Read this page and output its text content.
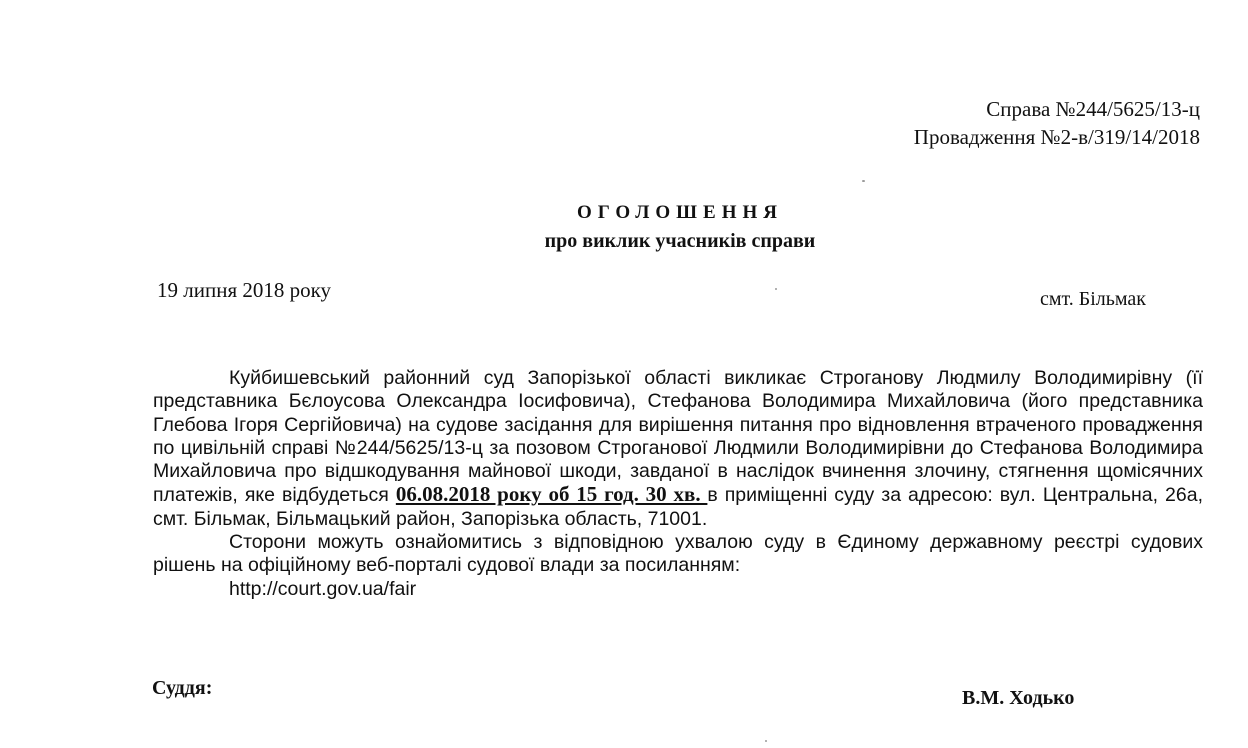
Справа №244/5625/13-ц
Провадження №2-в/319/14/2018
ОГОЛОШЕННЯ
про виклик учасників справи
19 липня 2018 року	смт. Більмак

Куйбишевський районний суд Запорізької області викликає Строганову Людмилу Володимирівну (її представника Бєлоусова Олександра Іосифовича), Стефанова Володимира Михайловича (його представника Глебова Ігоря Сергійовича) на судове засідання для вирішення питання про відновлення втраченого провадження по цивільній справі №244/5625/13-ц за позовом Строганової Людмили Володимирівни до Стефанова Володимира Михайловича про відшкодування майнової шкоди, завданої в наслідок вчинення злочину, стягнення щомісячних платежів, яке відбудеться 06.08.2018 року об 15 год. 30 хв. в приміщенні суду за адресою: вул. Центральна, 26а, смт. Більмак, Більмацький район, Запорізька область, 71001.

Сторони можуть ознайомитись з відповідною ухвалою суду в Єдиному державному реєстрі судових рішень на офіційному веб-порталі судової влади за посиланням:

http://court.gov.ua/fair
Суддя:	В.М. Ходько
